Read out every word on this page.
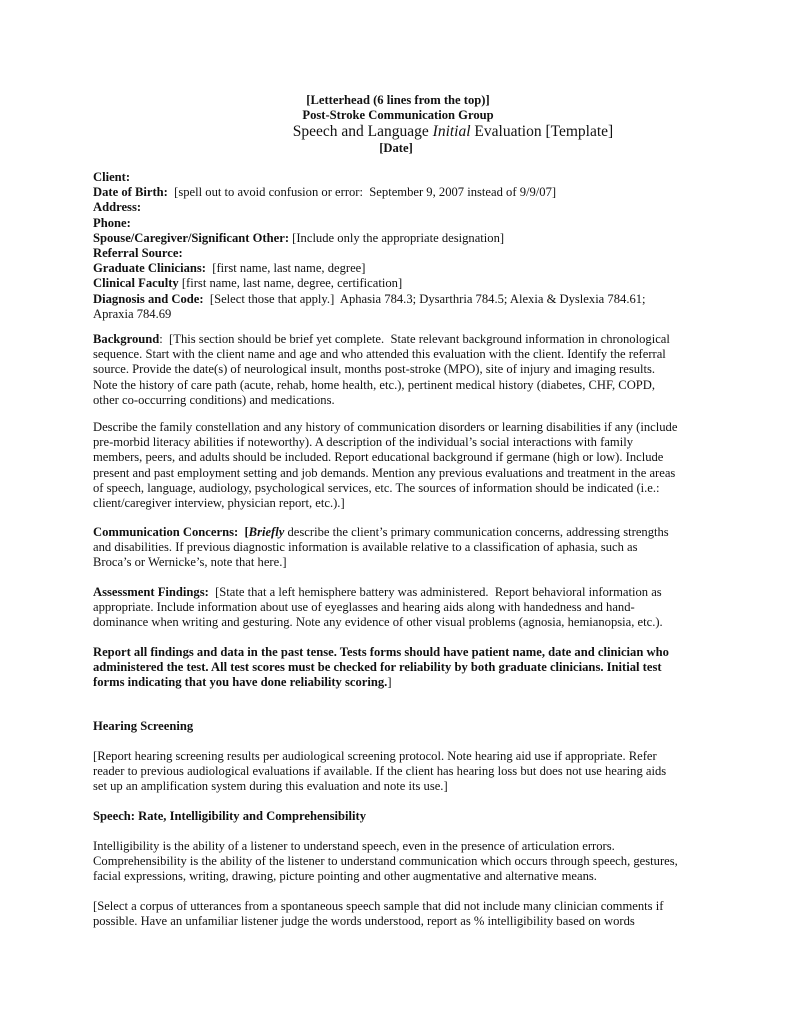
[Letterhead (6 lines from the top)]
Post-Stroke Communication Group
Speech and Language Initial Evaluation [Template]
[Date]
Client:
Date of Birth:  [spell out to avoid confusion or error:  September 9, 2007 instead of 9/9/07]
Address:
Phone:
Spouse/Caregiver/Significant Other: [Include only the appropriate designation]
Referral Source:
Graduate Clinicians:  [first name, last name, degree]
Clinical Faculty [first name, last name, degree, certification]
Diagnosis and Code:  [Select those that apply.]  Aphasia 784.3; Dysarthria 784.5; Alexia & Dyslexia 784.61;
Apraxia 784.69
Background:  [This section should be brief yet complete.  State relevant background information in chronological
sequence. Start with the client name and age and who attended this evaluation with the client. Identify the referral
source. Provide the date(s) of neurological insult, months post-stroke (MPO), site of injury and imaging results.
Note the history of care path (acute, rehab, home health, etc.), pertinent medical history (diabetes, CHF, COPD,
other co-occurring conditions) and medications.
Describe the family constellation and any history of communication disorders or learning disabilities if any (include
pre-morbid literacy abilities if noteworthy). A description of the individual’s social interactions with family
members, peers, and adults should be included. Report educational background if germane (high or low). Include
present and past employment setting and job demands. Mention any previous evaluations and treatment in the areas
of speech, language, audiology, psychological services, etc. The sources of information should be indicated (i.e.:
client/caregiver interview, physician report, etc.).]
Communication Concerns:  [Briefly describe the client’s primary communication concerns, addressing strengths
and disabilities. If previous diagnostic information is available relative to a classification of aphasia, such as
Broca’s or Wernicke’s, note that here.]
Assessment Findings:  [State that a left hemisphere battery was administered.  Report behavioral information as
appropriate. Include information about use of eyeglasses and hearing aids along with handedness and hand-
dominance when writing and gesturing. Note any evidence of other visual problems (agnosia, hemianopsia, etc.).
Report all findings and data in the past tense. Tests forms should have patient name, date and clinician who
administered the test. All test scores must be checked for reliability by both graduate clinicians. Initial test
forms indicating that you have done reliability scoring.]
Hearing Screening
[Report hearing screening results per audiological screening protocol. Note hearing aid use if appropriate. Refer
reader to previous audiological evaluations if available. If the client has hearing loss but does not use hearing aids
set up an amplification system during this evaluation and note its use.]
Speech: Rate, Intelligibility and Comprehensibility
Intelligibility is the ability of a listener to understand speech, even in the presence of articulation errors.
Comprehensibility is the ability of the listener to understand communication which occurs through speech, gestures,
facial expressions, writing, drawing, picture pointing and other augmentative and alternative means.
[Select a corpus of utterances from a spontaneous speech sample that did not include many clinician comments if
possible. Have an unfamiliar listener judge the words understood, report as % intelligibility based on words
